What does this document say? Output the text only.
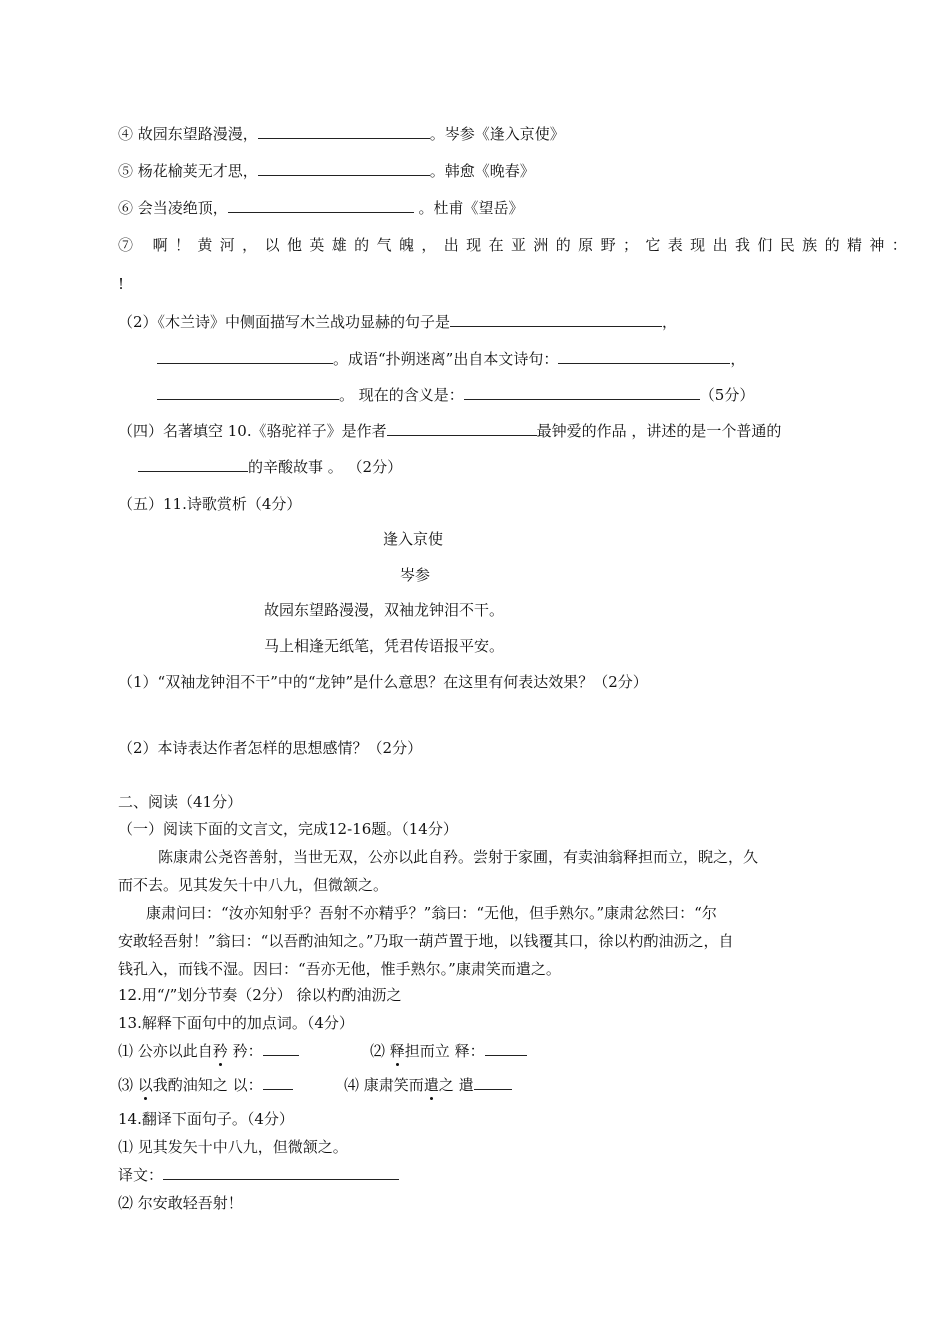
④ 故园东望路漫漫，	。岑参《逢入京使》
⑤ 杨花榆荚无才思，	。韩愈《晚春》
⑥ 会当凌绝顶，	。杜甫《望岳》
⑦ 啊！黄河，以他英雄的气魄，出现在亚洲的原野；它表现出我们民族的精神：
!
（2）《木兰诗》中侧面描写木兰战功显赫的句子是	，
。成语“扑朔迷离”出自本文诗句：	，
。 现在的含义是：	（5分）
（四）名著填空 10.《骆驼祥子》是作者	最钟爱的作品 ，讲述的是一个普通的
的辛酸故事 。 （2分）
（五）11.诗歌赏析（4分）
逢入京使
岑参
故园东望路漫漫，双袖龙钟泪不干。
马上相逢无纸笔，凭君传语报平安。
（1）“双袖龙钟泪不干”中的“龙钟”是什么意思？在这里有何表达效果？（2分）
（2）本诗表达作者怎样的思想感情？（2分）
二、阅读（41分）
（一）阅读下面的文言文，完成12-16题。（14分）
陈康肃公尧咨善射，当世无双，公亦以此自矜。尝射于家圃，有卖油翁释担而立，睨之，久
而不去。见其发矢十中八九，但微颔之。
康肃问曰：“汝亦知射乎？吾射不亦精乎？”翁曰：“无他，但手熟尔。”康肃忿然曰：“尔
安敢轻吾射！”翁曰：“以吾酌油知之。”乃取一葫芦置于地，以钱覆其口，徐以杓酌油沥之，自
钱孔入，而钱不湿。因曰：“吾亦无他，惟手熟尔。”康肃笑而遣之。
12.用“/”划分节奏（2分） 徐以杓酌油沥之
13.解释下面句中的加点词。（4分）
⑴ 公亦以此自矜 矜：	⑵ 释担而立 释：
⑶ 以我酌油知之 以：	⑷ 康肃笑而遣之 遣
14.翻译下面句子。（4分）
⑴ 见其发矢十中八九，但微颔之。
译文：
⑵ 尔安敢轻吾射！
